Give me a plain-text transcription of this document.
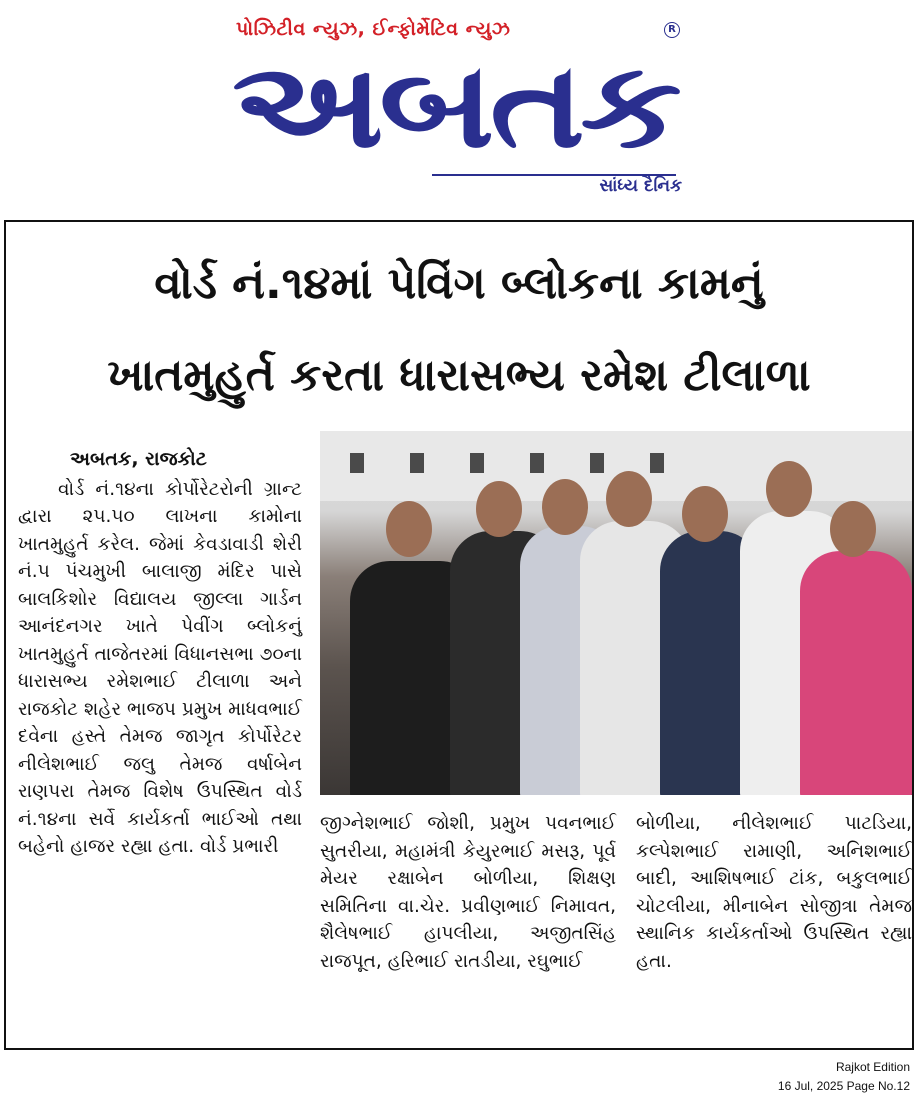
પોઝિટીવ ન્યુઝ, ઈન્ફોર્મેટિવ ન્યુઝ	R
અબતક
સાંધ્ય દૈનિક
વોર્ડ નં.૧૪માં પેવિંગ બ્લોકના કામનું
ખાતમુહુર્ત કરતા ધારાસભ્ય રમેશ ટીલાળા
અબતક, રાજકોટ

વોર્ડ નં.૧૪ના કોર્પોરેટરોની ગ્રાન્ટ દ્વારા ૨૫.૫૦ લાખના કામોના ખાતમુહુર્ત કરેલ. જેમાં કેવડાવાડી શેરી નં.૫ પંચમુખી બાલાજી મંદિર પાસે બાલકિશોર વિદ્યાલય જીલ્લા ગાર્ડન આનંદનગર ખાતે પેવીંગ બ્લોકનું ખાતમુહુર્ત તાજેતરમાં વિધાનસભા ૭૦ના ધારાસભ્ય રમેશભાઈ ટીલાળા અને રાજકોટ શહેર ભાજપ પ્રમુખ માધવભાઈ દવેના હસ્તે તેમજ જાગૃત કોર્પોરેટર નીલેશભાઈ જલુ તેમજ વર્ષાબેન રાણપરા તેમજ વિશેષ ઉપસ્થિત વોર્ડ નં.૧૪ના સર્વે કાર્યકર્તા ભાઈઓ તથા બહેનો હાજર રહ્યા હતા. વોર્ડ પ્રભારી

જીગ્નેશભાઈ જોશી, પ્રમુખ પવનભાઈ સુતરીયા, મહામંત્રી કેયુરભાઈ મસરૂ, પૂર્વ મેયર રક્ષાબેન બોળીયા, શિક્ષણ સમિતિના વા.ચેર. પ્રવીણભાઈ નિમાવત, શૈલેષભાઈ હાપલીયા, અજીતસિંહ રાજપૂત, હરિભાઈ રાતડીયા, રઘુભાઈ

બોળીયા, નીલેશભાઈ પાટડિયા, કલ્પેશભાઈ રામાણી, અનિશભાઈ બાદી, આશિષભાઈ ટાંક, બકુલભાઈ ચોટલીયા, મીનાબેન સોજીત્રા તેમજ સ્થાનિક કાર્યકર્તાઓ ઉપસ્થિત રહ્યા હતા.

Rajkot Edition
16 Jul, 2025 Page No.12
